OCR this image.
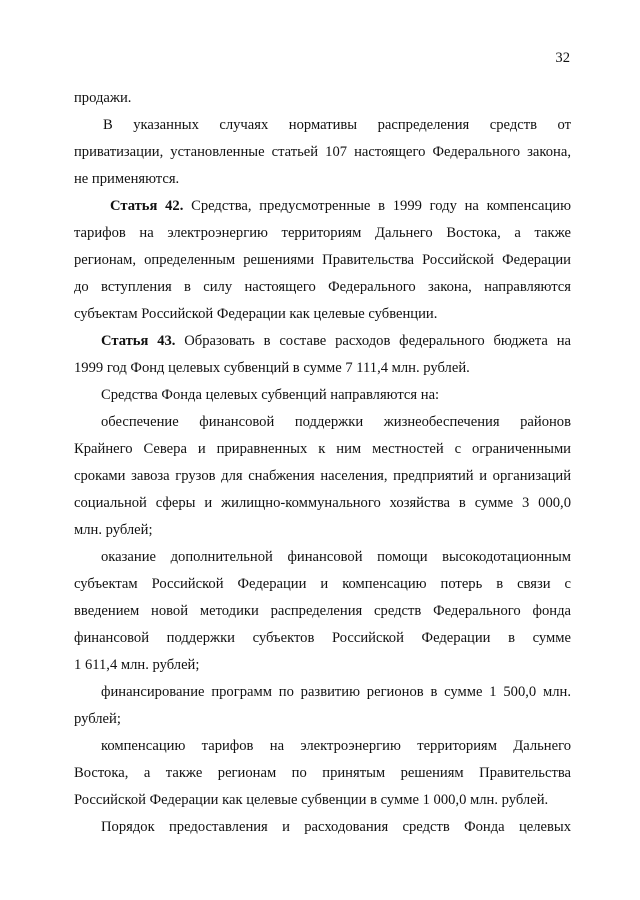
32
продажи.
В указанных случаях нормативы распределения средств от
приватизации, установленные статьей 107 настоящего Федерального закона,
не применяются.
Статья 42. Средства, предусмотренные в 1999 году на компенсацию
тарифов на электроэнергию территориям Дальнего Востока, а также
регионам, определенным решениями Правительства Российской Федерации
до вступления в силу настоящего Федерального закона, направляются
субъектам Российской Федерации как целевые субвенции.
Статья 43. Образовать в составе расходов федерального бюджета на
1999 год Фонд целевых субвенций в сумме 7 111,4 млн. рублей.
Средства Фонда целевых субвенций направляются на:
обеспечение финансовой поддержки жизнеобеспечения районов
Крайнего Севера и приравненных к ним местностей с ограниченными
сроками завоза грузов для снабжения населения, предприятий и организаций
социальной сферы и жилищно-коммунального хозяйства в сумме 3 000,0
млн. рублей;
оказание дополнительной финансовой помощи высокодотационным
субъектам Российской Федерации и компенсацию потерь в связи с
введением новой методики распределения средств Федерального фонда
финансовой поддержки субъектов Российской Федерации в сумме
1 611,4 млн. рублей;
финансирование программ по развитию регионов в сумме 1 500,0 млн.
рублей;
компенсацию тарифов на электроэнергию территориям Дальнего
Востока, а также регионам по принятым решениям Правительства
Российской Федерации как целевые субвенции в сумме 1 000,0 млн. рублей.
Порядок предоставления и расходования средств Фонда целевых
